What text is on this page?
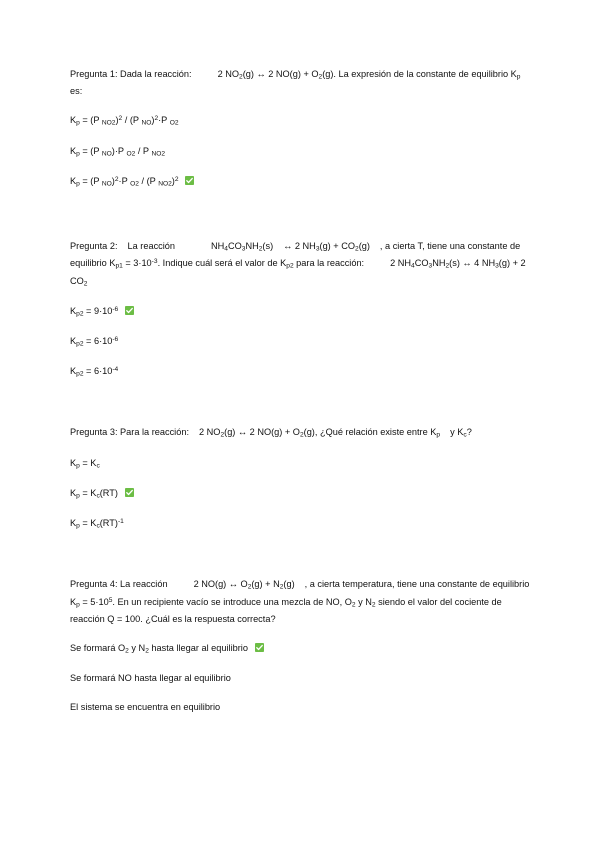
Pregunta 1: Dada la reacción:	2 $NO_2(g)$ ↔ 2 $NO(g) + O_2(g)$. La expresión de la constante de equilibrio $K_p$ es:

$K_p = (P$ $_{NO2}$)$^2$ / (P $_{NO}$)$^2$·P $_{O2}$

$K_p = (P$ $_{NO}$)·P $_{O2}$ / P $_{NO2}$

$K_p = (P$ $_{NO}$)$^2$·P $_{O2}$ / (P $_{NO2}$)$^2$

Pregunta 2: La reacción	$NH_4CO_3NH_2(s)$ ↔ 2 $NH_3(g) + CO_2(g)$ , a cierta T, tiene una constante de equilibrio $K_{p1} = 3\cdot 10^{-3}$. Indique cuál será el valor de $K_{p2}$ para la reacción:	2 $NH_4CO_3NH_2(s)$ ↔ 4 $NH_3(g) + 2$ $CO_2$

$K_{p2} = 9\cdot 10^{-6}$

$K_{p2} = 6\cdot 10^{-6}$

$K_{p2} = 6\cdot 10^{-4}$

Pregunta 3: Para la reacción: 2 $NO_2(g)$ ↔ 2 $NO(g) + O_2(g)$, ¿Qué relación existe entre $K_p$ y $K_c$?

$K_p = K_c$

$K_p = K_c(RT)$

$K_p = K_c(RT)^{-1}$

Pregunta 4: La reacción	2 NO(g) ↔ $O_2(g) + N_2(g)$ , a cierta temperatura, tiene una constante de equilibrio $K_p = 5\cdot 10^5$. En un recipiente vacío se introduce una mezcla de NO, $O_2$ y $N_2$ siendo el valor del cociente de reacción Q = 100. ¿Cuál es la respuesta correcta?

Se formará $O_2$ y $N_2$ hasta llegar al equilibrio

Se formará NO hasta llegar al equilibrio

El sistema se encuentra en equilibrio
